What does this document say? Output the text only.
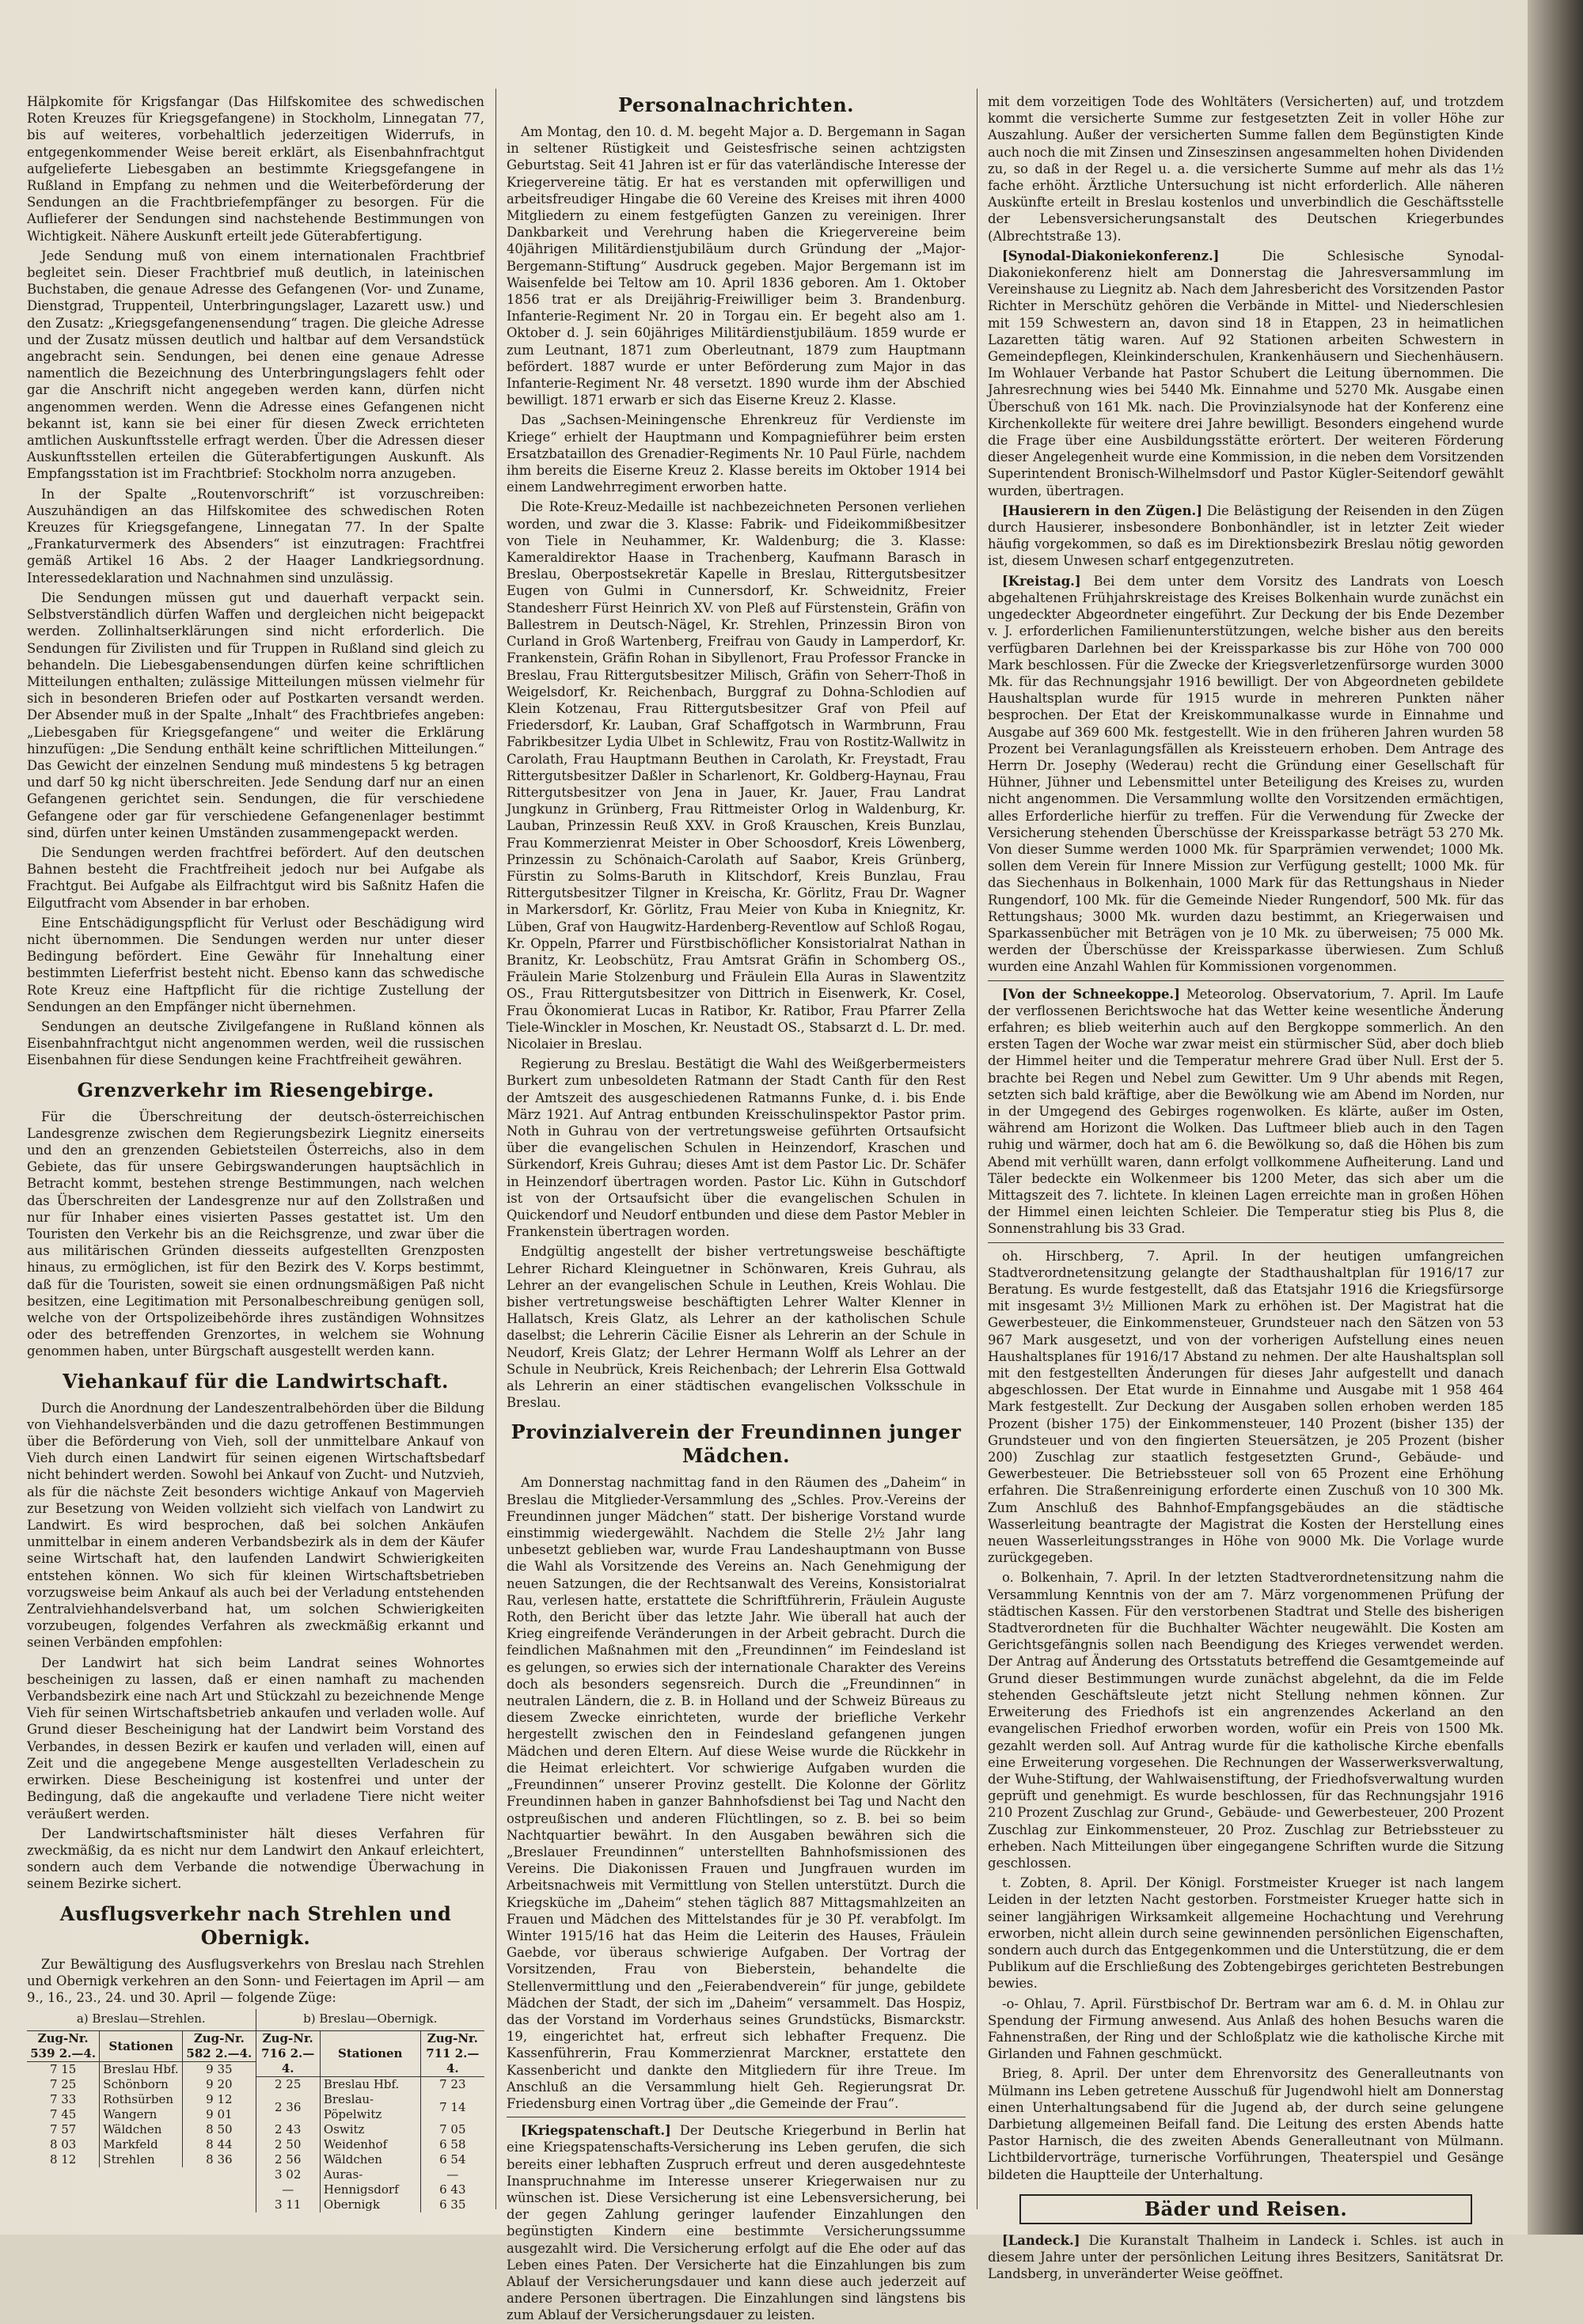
Hälpkomite för Krigsfangar (Das Hilfskomitee des schwedischen Roten Kreuzes für Kriegsgefangene) in Stockholm, Linnegatan 77, bis auf weiteres, vorbehaltlich jederzeitigen Widerrufs, in entgegenkommender Weise bereit erklärt, als Eisenbahnfrachtgut aufgelieferte Liebesgaben an bestimmte Kriegsgefangene in Rußland in Empfang zu nehmen und die Weiterbeförderung der Sendungen an die Frachtbriefempfänger zu besorgen. Für die Auflieferer der Sendungen sind nachstehende Bestimmungen von Wichtigkeit. Nähere Auskunft erteilt jede Güterabfertigung.

Jede Sendung muß von einem internationalen Frachtbrief begleitet sein. Dieser Frachtbrief muß deutlich, in lateinischen Buchstaben, die genaue Adresse des Gefangenen (Vor- und Zuname, Dienstgrad, Truppenteil, Unterbringungslager, Lazarett usw.) und den Zusatz: „Kriegsgefangenensendung“ tragen. Die gleiche Adresse und der Zusatz müssen deutlich und haltbar auf dem Versandstück angebracht sein. Sendungen, bei denen eine genaue Adresse namentlich die Bezeichnung des Unterbringungslagers fehlt oder gar die Anschrift nicht angegeben werden kann, dürfen nicht angenommen werden. Wenn die Adresse eines Gefangenen nicht bekannt ist, kann sie bei einer für diesen Zweck errichteten amtlichen Auskunftsstelle erfragt werden. Über die Adressen dieser Auskunftsstellen erteilen die Güterabfertigungen Auskunft. Als Empfangsstation ist im Frachtbrief: Stockholm norra anzugeben.

In der Spalte „Routenvorschrift“ ist vorzuschreiben: Auszuhändigen an das Hilfskomitee des schwedischen Roten Kreuzes für Kriegsgefangene, Linnegatan 77. In der Spalte „Frankaturvermerk des Absenders“ ist einzutragen: Frachtfrei gemäß Artikel 16 Abs. 2 der Haager Landkriegsordnung. Interessedeklaration und Nachnahmen sind unzulässig.

Die Sendungen müssen gut und dauerhaft verpackt sein. Selbstverständlich dürfen Waffen und dergleichen nicht beigepackt werden. Zollinhaltserklärungen sind nicht erforderlich. Die Sendungen für Zivilisten und für Truppen in Rußland sind gleich zu behandeln. Die Liebesgabensendungen dürfen keine schriftlichen Mitteilungen enthalten; zulässige Mitteilungen müssen vielmehr für sich in besonderen Briefen oder auf Postkarten versandt werden. Der Absender muß in der Spalte „Inhalt“ des Frachtbriefes angeben: „Liebesgaben für Kriegsgefangene“ und weiter die Erklärung hinzufügen: „Die Sendung enthält keine schriftlichen Mitteilungen.“ Das Gewicht der einzelnen Sendung muß mindestens 5 kg betragen und darf 50 kg nicht überschreiten. Jede Sendung darf nur an einen Gefangenen gerichtet sein. Sendungen, die für verschiedene Gefangene oder gar für verschiedene Gefangenenlager bestimmt sind, dürfen unter keinen Umständen zusammengepackt werden.

Die Sendungen werden frachtfrei befördert. Auf den deutschen Bahnen besteht die Frachtfreiheit jedoch nur bei Aufgabe als Frachtgut. Bei Aufgabe als Eilfrachtgut wird bis Saßnitz Hafen die Eilgutfracht vom Absender in bar erhoben.

Eine Entschädigungspflicht für Verlust oder Beschädigung wird nicht übernommen. Die Sendungen werden nur unter dieser Bedingung befördert. Eine Gewähr für Innehaltung einer bestimmten Lieferfrist besteht nicht. Ebenso kann das schwedische Rote Kreuz eine Haftpflicht für die richtige Zustellung der Sendungen an den Empfänger nicht übernehmen.

Sendungen an deutsche Zivilgefangene in Rußland können als Eisenbahnfrachtgut nicht angenommen werden, weil die russischen Eisenbahnen für diese Sendungen keine Frachtfreiheit gewähren.

Grenzverkehr im Riesengebirge.

Für die Überschreitung der deutsch-österreichischen Landesgrenze zwischen dem Regierungsbezirk Liegnitz einerseits und den an grenzenden Gebietsteilen Österreichs, also in dem Gebiete, das für unsere Gebirgswanderungen hauptsächlich in Betracht kommt, bestehen strenge Bestimmungen, nach welchen das Überschreiten der Landesgrenze nur auf den Zollstraßen und nur für Inhaber eines visierten Passes gestattet ist. Um den Touristen den Verkehr bis an die Reichsgrenze, und zwar über die aus militärischen Gründen diesseits aufgestellten Grenzposten hinaus, zu ermöglichen, ist für den Bezirk des V. Korps bestimmt, daß für die Touristen, soweit sie einen ordnungsmäßigen Paß nicht besitzen, eine Legitimation mit Personalbeschreibung genügen soll, welche von der Ortspolizeibehörde ihres zuständigen Wohnsitzes oder des betreffenden Grenzortes, in welchem sie Wohnung genommen haben, unter Bürgschaft ausgestellt werden kann.

Viehankauf für die Landwirtschaft.

Durch die Anordnung der Landeszentralbehörden über die Bildung von Viehhandelsverbänden und die dazu getroffenen Bestimmungen über die Beförderung von Vieh, soll der unmittelbare Ankauf von Vieh durch einen Landwirt für seinen eigenen Wirtschaftsbedarf nicht behindert werden. Sowohl bei Ankauf von Zucht- und Nutzvieh, als für die nächste Zeit besonders wichtige Ankauf von Magervieh zur Besetzung von Weiden vollzieht sich vielfach von Landwirt zu Landwirt. Es wird besprochen, daß bei solchen Ankäufen unmittelbar in einem anderen Verbandsbezirk als in dem der Käufer seine Wirtschaft hat, den laufenden Landwirt Schwierigkeiten entstehen können. Wo sich für kleinen Wirtschaftsbetrieben vorzugsweise beim Ankauf als auch bei der Verladung entstehenden Zentralviehhandelsverband hat, um solchen Schwierigkeiten vorzubeugen, folgendes Verfahren als zweckmäßig erkannt und seinen Verbänden empfohlen:

Der Landwirt hat sich beim Landrat seines Wohnortes bescheinigen zu lassen, daß er einen namhaft zu machenden Verbandsbezirk eine nach Art und Stückzahl zu bezeichnende Menge Vieh für seinen Wirtschaftsbetrieb ankaufen und verladen wolle. Auf Grund dieser Bescheinigung hat der Landwirt beim Vorstand des Verbandes, in dessen Bezirk er kaufen und verladen will, einen auf Zeit und die angegebene Menge ausgestellten Verladeschein zu erwirken. Diese Bescheinigung ist kostenfrei und unter der Bedingung, daß die angekaufte und verladene Tiere nicht weiter veräußert werden.

Der Landwirtschaftsminister hält dieses Verfahren für zweckmäßig, da es nicht nur dem Landwirt den Ankauf erleichtert, sondern auch dem Verbande die notwendige Überwachung in seinem Bezirke sichert.

Ausflugsverkehr nach Strehlen und Obernigk.

Zur Bewältigung des Ausflugsverkehrs von Breslau nach Strehlen und Obernigk verkehren an den Sonn- und Feiertagen im April — am 9., 16., 23., 24. und 30. April — folgende Züge:

a) Breslau—Strehlen.
Zug-Nr.
539 2.—4.	Stationen	Zug-Nr.
582 2.—4.
7 15	Breslau Hbf.	9 35
7 25	Schönborn	9 20
7 33	Rothsürben	9 12
7 45	Wangern	9 01
7 57	Wäldchen	8 50
8 03	Markfeld	8 44
8 12	Strehlen	8 36
b) Breslau—Obernigk.
Zug-Nr.
716 2.—4.	Stationen	Zug-Nr.
711 2.—4.
2 25	Breslau Hbf.	7 23
2 36	Breslau-Pöpelwitz	7 14
2 43	Oswitz	7 05
2 50	Weidenhof	6 58
2 56	Wäldchen	6 54
3 02	Auras-	—
—	Hennigsdorf	6 43
3 11	Obernigk	6 35
Personalnachrichten.

Am Montag, den 10. d. M. begeht Major a. D. Bergemann in Sagan in seltener Rüstigkeit und Geistesfrische seinen achtzigsten Geburtstag. Seit 41 Jahren ist er für das vaterländische Interesse der Kriegervereine tätig. Er hat es verstanden mit opferwilligen und arbeitsfreudiger Hingabe die 60 Vereine des Kreises mit ihren 4000 Mitgliedern zu einem festgefügten Ganzen zu vereinigen. Ihrer Dankbarkeit und Verehrung haben die Kriegervereine beim 40jährigen Militärdienstjubiläum durch Gründung der „Major-Bergemann-Stiftung“ Ausdruck gegeben. Major Bergemann ist im Waisenfelde bei Teltow am 10. April 1836 geboren. Am 1. Oktober 1856 trat er als Dreijährig-Freiwilliger beim 3. Brandenburg. Infanterie-Regiment Nr. 20 in Torgau ein. Er begeht also am 1. Oktober d. J. sein 60jähriges Militärdienstjubiläum. 1859 wurde er zum Leutnant, 1871 zum Oberleutnant, 1879 zum Hauptmann befördert. 1887 wurde er unter Beförderung zum Major in das Infanterie-Regiment Nr. 48 versetzt. 1890 wurde ihm der Abschied bewilligt. 1871 erwarb er sich das Eiserne Kreuz 2. Klasse.

Das „Sachsen-Meiningensche Ehrenkreuz für Verdienste im Kriege“ erhielt der Hauptmann und Kompagnieführer beim ersten Ersatzbataillon des Grenadier-Regiments Nr. 10 Paul Fürle, nachdem ihm bereits die Eiserne Kreuz 2. Klasse bereits im Oktober 1914 bei einem Landwehrregiment erworben hatte.

Die Rote-Kreuz-Medaille ist nachbezeichneten Personen verliehen worden, und zwar die 3. Klasse: Fabrik- und Fideikommißbesitzer von Tiele in Neuhammer, Kr. Waldenburg; die 3. Klasse: Kameraldirektor Haase in Trachenberg, Kaufmann Barasch in Breslau, Oberpostsekretär Kapelle in Breslau, Rittergutsbesitzer Eugen von Gulmi in Cunnersdorf, Kr. Schweidnitz, Freier Standesherr Fürst Heinrich XV. von Pleß auf Fürstenstein, Gräfin von Ballestrem in Deutsch-Nägel, Kr. Strehlen, Prinzessin Biron von Curland in Groß Wartenberg, Freifrau von Gaudy in Lamperdorf, Kr. Frankenstein, Gräfin Rohan in Sibyllenort, Frau Professor Francke in Breslau, Frau Rittergutsbesitzer Milisch, Gräfin von Seherr-Thoß in Weigelsdorf, Kr. Reichenbach, Burggraf zu Dohna-Schlodien auf Klein Kotzenau, Frau Rittergutsbesitzer Graf von Pfeil auf Friedersdorf, Kr. Lauban, Graf Schaffgotsch in Warmbrunn, Frau Fabrikbesitzer Lydia Ulbet in Schlewitz, Frau von Rostitz-Wallwitz in Carolath, Frau Hauptmann Beuthen in Carolath, Kr. Freystadt, Frau Rittergutsbesitzer Daßler in Scharlenort, Kr. Goldberg-Haynau, Frau Rittergutsbesitzer von Jena in Jauer, Kr. Jauer, Frau Landrat Jungkunz in Grünberg, Frau Rittmeister Orlog in Waldenburg, Kr. Lauban, Prinzessin Reuß XXV. in Groß Krauschen, Kreis Bunzlau, Frau Kommerzienrat Meister in Ober Schoosdorf, Kreis Löwenberg, Prinzessin zu Schönaich-Carolath auf Saabor, Kreis Grünberg, Fürstin zu Solms-Baruth in Klitschdorf, Kreis Bunzlau, Frau Rittergutsbesitzer Tilgner in Kreischa, Kr. Görlitz, Frau Dr. Wagner in Markersdorf, Kr. Görlitz, Frau Meier von Kuba in Kniegnitz, Kr. Lüben, Graf von Haugwitz-Hardenberg-Reventlow auf Schloß Rogau, Kr. Oppeln, Pfarrer und Fürstbischöflicher Konsistorialrat Nathan in Branitz, Kr. Leobschütz, Frau Amtsrat Gräfin in Schomberg OS., Fräulein Marie Stolzenburg und Fräulein Ella Auras in Slawentzitz OS., Frau Rittergutsbesitzer von Dittrich in Eisenwerk, Kr. Cosel, Frau Ökonomierat Lucas in Ratibor, Kr. Ratibor, Frau Pfarrer Zella Tiele-Winckler in Moschen, Kr. Neustadt OS., Stabsarzt d. L. Dr. med. Nicolaier in Breslau.

Regierung zu Breslau. Bestätigt die Wahl des Weißgerbermeisters Burkert zum unbesoldeten Ratmann der Stadt Canth für den Rest der Amtszeit des ausgeschiedenen Ratmanns Funke, d. i. bis Ende März 1921. Auf Antrag entbunden Kreisschulinspektor Pastor prim. Noth in Guhrau von der vertretungsweise geführten Ortsaufsicht über die evangelischen Schulen in Heinzendorf, Kraschen und Sürkendorf, Kreis Guhrau; dieses Amt ist dem Pastor Lic. Dr. Schäfer in Heinzendorf übertragen worden. Pastor Lic. Kühn in Gutschdorf ist von der Ortsaufsicht über die evangelischen Schulen in Quickendorf und Neudorf entbunden und diese dem Pastor Mebler in Frankenstein übertragen worden.

Endgültig angestellt der bisher vertretungsweise beschäftigte Lehrer Richard Kleinguetner in Schönwaren, Kreis Guhrau, als Lehrer an der evangelischen Schule in Leuthen, Kreis Wohlau. Die bisher vertretungsweise beschäftigten Lehrer Walter Klenner in Hallatsch, Kreis Glatz, als Lehrer an der katholischen Schule daselbst; die Lehrerin Cäcilie Eisner als Lehrerin an der Schule in Neudorf, Kreis Glatz; der Lehrer Hermann Wolff als Lehrer an der Schule in Neubrück, Kreis Reichenbach; der Lehrerin Elsa Gottwald als Lehrerin an einer städtischen evangelischen Volksschule in Breslau.

Provinzialverein der Freundinnen junger Mädchen.

Am Donnerstag nachmittag fand in den Räumen des „Daheim“ in Breslau die Mitglieder-Versammlung des „Schles. Prov.-Vereins der Freundinnen junger Mädchen“ statt. Der bisherige Vorstand wurde einstimmig wiedergewählt. Nachdem die Stelle 2½ Jahr lang unbesetzt geblieben war, wurde Frau Landeshauptmann von Busse die Wahl als Vorsitzende des Vereins an. Nach Genehmigung der neuen Satzungen, die der Rechtsanwalt des Vereins, Konsistorialrat Rau, verlesen hatte, erstattete die Schriftführerin, Fräulein Auguste Roth, den Bericht über das letzte Jahr. Wie überall hat auch der Krieg eingreifende Veränderungen in der Arbeit gebracht. Durch die feindlichen Maßnahmen mit den „Freundinnen“ im Feindesland ist es gelungen, so erwies sich der internationale Charakter des Vereins doch als besonders segensreich. Durch die „Freundinnen“ in neutralen Ländern, die z. B. in Holland und der Schweiz Büreaus zu diesem Zwecke einrichteten, wurde der briefliche Verkehr hergestellt zwischen den in Feindesland gefangenen jungen Mädchen und deren Eltern. Auf diese Weise wurde die Rückkehr in die Heimat erleichtert. Vor schwierige Aufgaben wurden die „Freundinnen“ unserer Provinz gestellt. Die Kolonne der Görlitz Freundinnen haben in ganzer Bahnhofsdienst bei Tag und Nacht den ostpreußischen und anderen Flüchtlingen, so z. B. bei so beim Nachtquartier bewährt. In den Ausgaben bewähren sich die „Breslauer Freundinnen“ unterstellten Bahnhofsmissionen des Vereins. Die Diakonissen Frauen und Jungfrauen wurden im Arbeitsnachweis mit Vermittlung von Stellen unterstützt. Durch die Kriegsküche im „Daheim“ stehen täglich 887 Mittagsmahlzeiten an Frauen und Mädchen des Mittelstandes für je 30 Pf. verabfolgt. Im Winter 1915/16 hat das Heim die Leiterin des Hauses, Fräulein Gaebde, vor überaus schwierige Aufgaben. Der Vortrag der Vorsitzenden, Frau von Bieberstein, behandelte die Stellenvermittlung und den „Feierabendverein“ für junge, gebildete Mädchen der Stadt, der sich im „Daheim“ versammelt. Das Hospiz, das der Vorstand im Vorderhaus seines Grundstücks, Bismarckstr. 19, eingerichtet hat, erfreut sich lebhafter Frequenz. Die Kassenführerin, Frau Kommerzienrat Marckner, erstattete den Kassenbericht und dankte den Mitgliedern für ihre Treue. Im Anschluß an die Versammlung hielt Geh. Regierungsrat Dr. Friedensburg einen Vortrag über „die Gemeinde der Frau“.

[Kriegspatenschaft.] Der Deutsche Kriegerbund in Berlin hat eine Kriegspatenschafts-Versicherung ins Leben gerufen, die sich bereits einer lebhaften Zuspruch erfreut und deren ausgedehnteste Inanspruchnahme im Interesse unserer Kriegerwaisen nur zu wünschen ist. Diese Versicherung ist eine Lebensversicherung, bei der gegen Zahlung geringer laufender Einzahlungen den begünstigten Kindern eine bestimmte Versicherungssumme ausgezahlt wird. Die Versicherung erfolgt auf die Ehe oder auf das Leben eines Paten. Der Versicherte hat die Einzahlungen bis zum Ablauf der Versicherungsdauer und kann diese auch jederzeit auf andere Personen übertragen. Die Einzahlungen sind längstens bis zum Ablauf der Versicherungsdauer zu leisten.

mit dem vorzeitigen Tode des Wohltäters (Versicherten) auf, und trotzdem kommt die versicherte Summe zur festgesetzten Zeit in voller Höhe zur Auszahlung. Außer der versicherten Summe fallen dem Begünstigten Kinde auch noch die mit Zinsen und Zinseszinsen angesammelten hohen Dividenden zu, so daß in der Regel u. a. die versicherte Summe auf mehr als das 1½ fache erhöht. Ärztliche Untersuchung ist nicht erforderlich. Alle näheren Auskünfte erteilt in Breslau kostenlos und unverbindlich die Geschäftsstelle der Lebensversicherungsanstalt des Deutschen Kriegerbundes (Albrechtstraße 13).

[Synodal-Diakoniekonferenz.]	Die Schlesische Synodal-Diakoniekonferenz hielt am Donnerstag die Jahresversammlung im Vereinshause zu Liegnitz ab. Nach dem Jahresbericht des Vorsitzenden Pastor Richter in Merschütz gehören die Verbände in Mittel- und Niederschlesien mit 159 Schwestern an, davon sind 18 in Etappen, 23 in heimatlichen Lazaretten tätig waren. Auf 92 Stationen arbeiten Schwestern in Gemeindepflegen, Kleinkinderschulen, Krankenhäusern und Siechenhäusern. Im Wohlauer Verbande hat Pastor Schubert die Leitung übernommen. Die Jahresrechnung wies bei 5440 Mk. Einnahme und 5270 Mk. Ausgabe einen Überschuß von 161 Mk. nach. Die Provinzialsynode hat der Konferenz eine Kirchenkollekte für weitere drei Jahre bewilligt. Besonders eingehend wurde die Frage über eine Ausbildungsstätte erörtert. Der weiteren Förderung dieser Angelegenheit wurde eine Kommission, in die neben dem Vorsitzenden Superintendent Bronisch-Wilhelmsdorf und Pastor Kügler-Seitendorf gewählt wurden, übertragen.

[Hausierern in den Zügen.] Die Belästigung der Reisenden in den Zügen durch Hausierer, insbesondere Bonbonhändler, ist in letzter Zeit wieder häufig vorgekommen, so daß es im Direktionsbezirk Breslau nötig geworden ist, diesem Unwesen scharf entgegenzutreten.

[Kreistag.] Bei dem unter dem Vorsitz des Landrats von Loesch abgehaltenen Frühjahrskreistage des Kreises Bolkenhain wurde zunächst ein ungedeckter Abgeordneter eingeführt. Zur Deckung der bis Ende Dezember v. J. erforderlichen Familienunterstützungen, welche bisher aus den bereits verfügbaren Darlehnen bei der Kreissparkasse bis zur Höhe von 700 000 Mark beschlossen. Für die Zwecke der Kriegsverletzenfürsorge wurden 3000 Mk. für das Rechnungsjahr 1916 bewilligt. Der von Abgeordneten gebildete Haushaltsplan wurde für 1915 wurde in mehreren Punkten näher besprochen. Der Etat der Kreiskommunalkasse wurde in Einnahme und Ausgabe auf 369 600 Mk. festgestellt. Wie in den früheren Jahren wurden 58 Prozent bei Veranlagungsfällen als Kreissteuern erhoben. Dem Antrage des Herrn Dr. Josephy (Wederau) recht die Gründung einer Gesellschaft für Hühner, Jühner und Lebensmittel unter Beteiligung des Kreises zu, wurden nicht angenommen. Die Versammlung wollte den Vorsitzenden ermächtigen, alles Erforderliche hierfür zu treffen. Für die Verwendung für Zwecke der Versicherung stehenden Überschüsse der Kreissparkasse beträgt 53 270 Mk. Von dieser Summe werden 1000 Mk. für Sparprämien verwendet; 1000 Mk. sollen dem Verein für Innere Mission zur Verfügung gestellt; 1000 Mk. für das Siechenhaus in Bolkenhain, 1000 Mark für das Rettungshaus in Nieder Rungendorf, 100 Mk. für die Gemeinde Nieder Rungendorf, 500 Mk. für das Rettungshaus; 3000 Mk. wurden dazu bestimmt, an Kriegerwaisen und Sparkassenbücher mit Beträgen von je 10 Mk. zu überweisen; 75 000 Mk. werden der Überschüsse der Kreissparkasse überwiesen. Zum Schluß wurden eine Anzahl Wahlen für Kommissionen vorgenommen.

[Von der Schneekoppe.] Meteorolog. Observatorium, 7. April. Im Laufe der verflossenen Berichtswoche hat das Wetter keine wesentliche Änderung erfahren; es blieb weiterhin auch auf den Bergkoppe sommerlich. An den ersten Tagen der Woche war zwar meist ein stürmischer Süd, aber doch blieb der Himmel heiter und die Temperatur mehrere Grad über Null. Erst der 5. brachte bei Regen und Nebel zum Gewitter. Um 9 Uhr abends mit Regen, setzten sich bald kräftige, aber die Bewölkung wie am Abend im Norden, nur in der Umgegend des Gebirges rogenwolken. Es klärte, außer im Osten, während am Horizont die Wolken. Das Luftmeer blieb auch in den Tagen ruhig und wärmer, doch hat am 6. die Bewölkung so, daß die Höhen bis zum Abend mit verhüllt waren, dann erfolgt vollkommene Aufheiterung. Land und Täler bedeckte ein Wolkenmeer bis 1200 Meter, das sich aber um die Mittagszeit des 7. lichtete. In kleinen Lagen erreichte man in großen Höhen der Himmel einen leichten Schleier. Die Temperatur stieg bis Plus 8, die Sonnenstrahlung bis 33 Grad.

oh. Hirschberg, 7. April. In der heutigen umfangreichen Stadtverordnetensitzung gelangte der Stadthaushaltplan für 1916/17 zur Beratung. Es wurde festgestellt, daß das Etatsjahr 1916 die Kriegsfürsorge mit insgesamt 3½ Millionen Mark zu erhöhen ist. Der Magistrat hat die Gewerbesteuer, die Einkommensteuer, Grundsteuer nach den Sätzen von 53 967 Mark ausgesetzt, und von der vorherigen Aufstellung eines neuen Haushaltsplanes für 1916/17 Abstand zu nehmen. Der alte Haushaltsplan soll mit den festgestellten Änderungen für dieses Jahr aufgestellt und danach abgeschlossen. Der Etat wurde in Einnahme und Ausgabe mit 1 958 464 Mark festgestellt. Zur Deckung der Ausgaben sollen erhoben werden 185 Prozent (bisher 175) der Einkommensteuer, 140 Prozent (bisher 135) der Grundsteuer und von den fingierten Steuersätzen, je 205 Prozent (bisher 200) Zuschlag zur staatlich festgesetzten Grund-, Gebäude- und Gewerbesteuer. Die Betriebssteuer soll von 65 Prozent eine Erhöhung erfahren. Die Straßenreinigung erforderte einen Zuschuß von 10 300 Mk. Zum Anschluß des Bahnhof-Empfangsgebäudes an die städtische Wasserleitung beantragte der Magistrat die Kosten der Herstellung eines neuen Wasserleitungsstranges in Höhe von 9000 Mk. Die Vorlage wurde zurückgegeben.

o. Bolkenhain, 7. April. In der letzten Stadtverordnetensitzung nahm die Versammlung Kenntnis von der am 7. März vorgenommenen Prüfung der städtischen Kassen. Für den verstorbenen Stadtrat und Stelle des bisherigen Stadtverordneten für die Buchhalter Wächter neugewählt. Die Kosten am Gerichtsgefängnis sollen nach Beendigung des Krieges verwendet werden. Der Antrag auf Änderung des Ortsstatuts betreffend die Gesamtgemeinde auf Grund dieser Bestimmungen wurde zunächst abgelehnt, da die im Felde stehenden Geschäftsleute jetzt nicht Stellung nehmen können. Zur Erweiterung des Friedhofs ist ein angrenzendes Ackerland an den evangelischen Friedhof erworben worden, wofür ein Preis von 1500 Mk. gezahlt werden soll. Auf Antrag wurde für die katholische Kirche ebenfalls eine Erweiterung vorgesehen. Die Rechnungen der Wasserwerksverwaltung, der Wuhe-Stiftung, der Wahlwaisenstiftung, der Friedhofsverwaltung wurden geprüft und genehmigt. Es wurde beschlossen, für das Rechnungsjahr 1916 210 Prozent Zuschlag zur Grund-, Gebäude- und Gewerbesteuer, 200 Prozent Zuschlag zur Einkommensteuer, 20 Proz. Zuschlag zur Betriebssteuer zu erheben. Nach Mitteilungen über eingegangene Schriften wurde die Sitzung geschlossen.

t. Zobten, 8. April. Der Königl. Forstmeister Krueger ist nach langem Leiden in der letzten Nacht gestorben. Forstmeister Krueger hatte sich in seiner langjährigen Wirksamkeit allgemeine Hochachtung und Verehrung erworben, nicht allein durch seine gewinnenden persönlichen Eigenschaften, sondern auch durch das Entgegenkommen und die Unterstützung, die er dem Publikum auf die Erschließung des Zobtengebirges gerichteten Bestrebungen bewies.

-o- Ohlau, 7. April. Fürstbischof Dr. Bertram war am 6. d. M. in Ohlau zur Spendung der Firmung anwesend. Aus Anlaß des hohen Besuchs waren die Fahnenstraßen, der Ring und der Schloßplatz wie die katholische Kirche mit Girlanden und Fahnen geschmückt.

Brieg, 8. April. Der unter dem Ehrenvorsitz des Generalleutnants von Mülmann ins Leben getretene Ausschuß für Jugendwohl hielt am Donnerstag einen Unterhaltungsabend für die Jugend ab, der durch seine gelungene Darbietung allgemeinen Beifall fand. Die Leitung des ersten Abends hatte Pastor Harnisch, die des zweiten Abends Generalleutnant von Mülmann. Lichtbildervorträge, turnerische Vorführungen, Theaterspiel und Gesänge bildeten die Hauptteile der Unterhaltung.

Bäder und Reisen.

[Landeck.] Die Kuranstalt Thalheim in Landeck i. Schles. ist auch in diesem Jahre unter der persönlichen Leitung ihres Besitzers, Sanitätsrat Dr. Landsberg, in unveränderter Weise geöffnet.
